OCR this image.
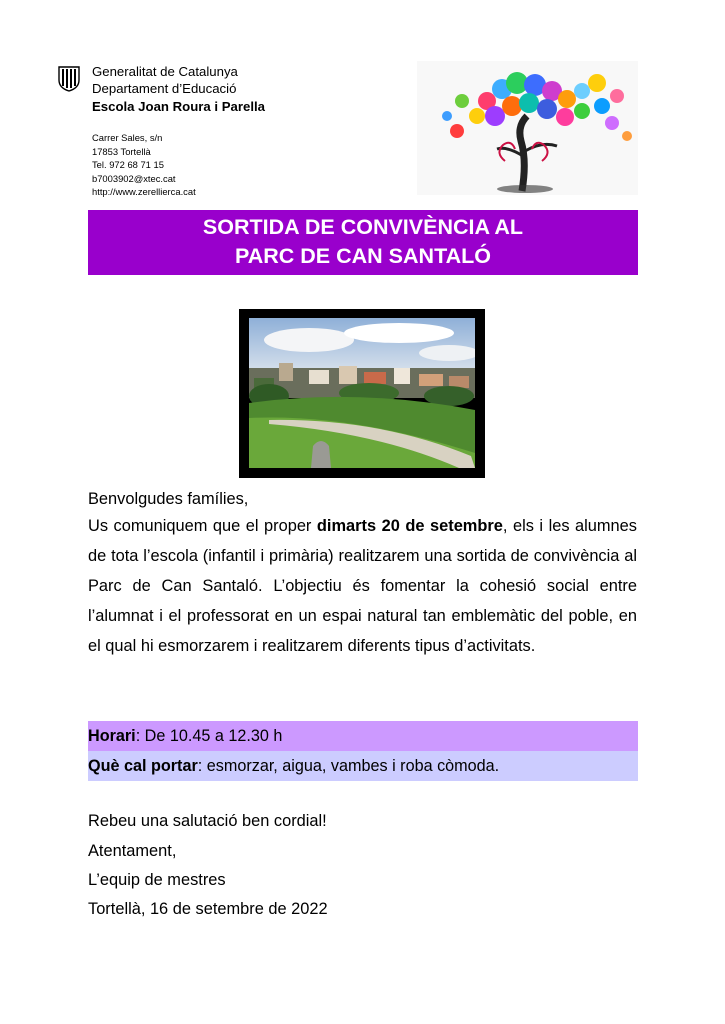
Generalitat de Catalunya
Departament d’Educació
Escola Joan Roura i Parella
Carrer Sales, s/n
17853 Tortellà
Tel. 972 68 71 15
b7003902@xtec.cat
http://www.zerellierca.cat
SORTIDA DE CONVIVÈNCIA AL
PARC DE CAN SANTALÓ
Benvolgudes famílies,
Us comuniquem que el proper dimarts 20 de setembre, els i les alumnes de tota l’escola (infantil i primària) realitzarem una sortida de convivència al Parc de Can Santaló. L’objectiu és fomentar la cohesió social entre l’alumnat i el professorat en un espai natural tan emblemàtic del poble, en el qual hi esmorzarem i realitzarem diferents tipus d’activitats.
Horari: De 10.45 a 12.30 h
Què cal portar: esmorzar, aigua, vambes i roba còmoda.
Rebeu una salutació ben cordial!
Atentament,
L’equip de mestres
Tortellà, 16 de setembre de 2022
